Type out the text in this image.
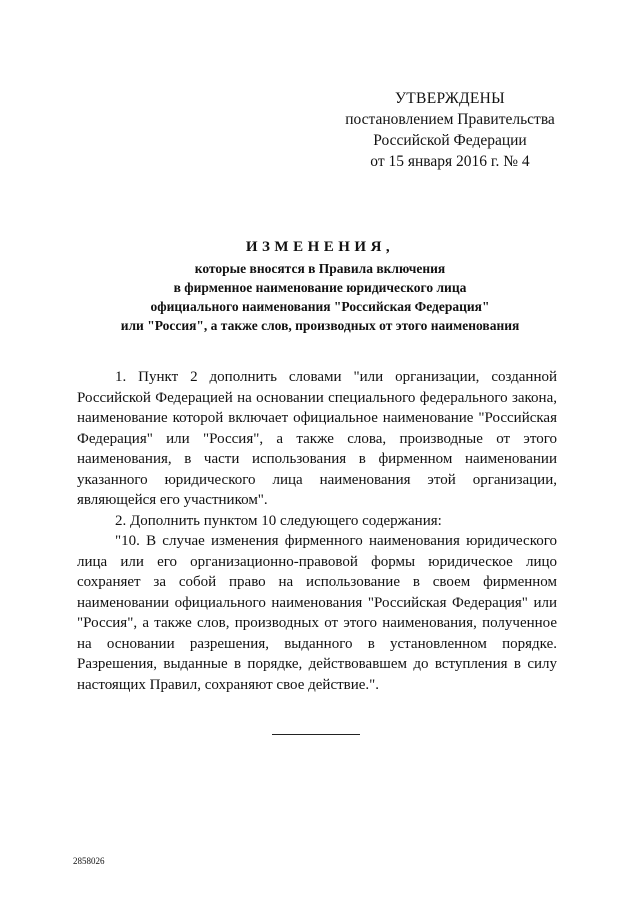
УТВЕРЖДЕНЫ
постановлением Правительства
Российской Федерации
от 15 января 2016 г. № 4
ИЗМЕНЕНИЯ,
которые вносятся в Правила включения
в фирменное наименование юридического лица
официального наименования "Российская Федерация"
или "Россия", а также слов, производных от этого наименования

1. Пункт 2 дополнить словами "или организации, созданной Российской Федерацией на основании специального федерального закона, наименование которой включает официальное наименование "Российская Федерация" или "Россия", а также слова, производные от этого наименования, в части использования в фирменном наименовании указанного юридического лица наименования этой организации, являющейся его участником".

2. Дополнить пунктом 10 следующего содержания:

"10. В случае изменения фирменного наименования юридического лица или его организационно-правовой формы юридическое лицо сохраняет за собой право на использование в своем фирменном наименовании официального наименования "Российская Федерация" или "Россия", а также слов, производных от этого наименования, полученное на основании разрешения, выданного в установленном порядке. Разрешения, выданные в порядке, действовавшем до вступления в силу настоящих Правил, сохраняют свое действие.".

2858026
